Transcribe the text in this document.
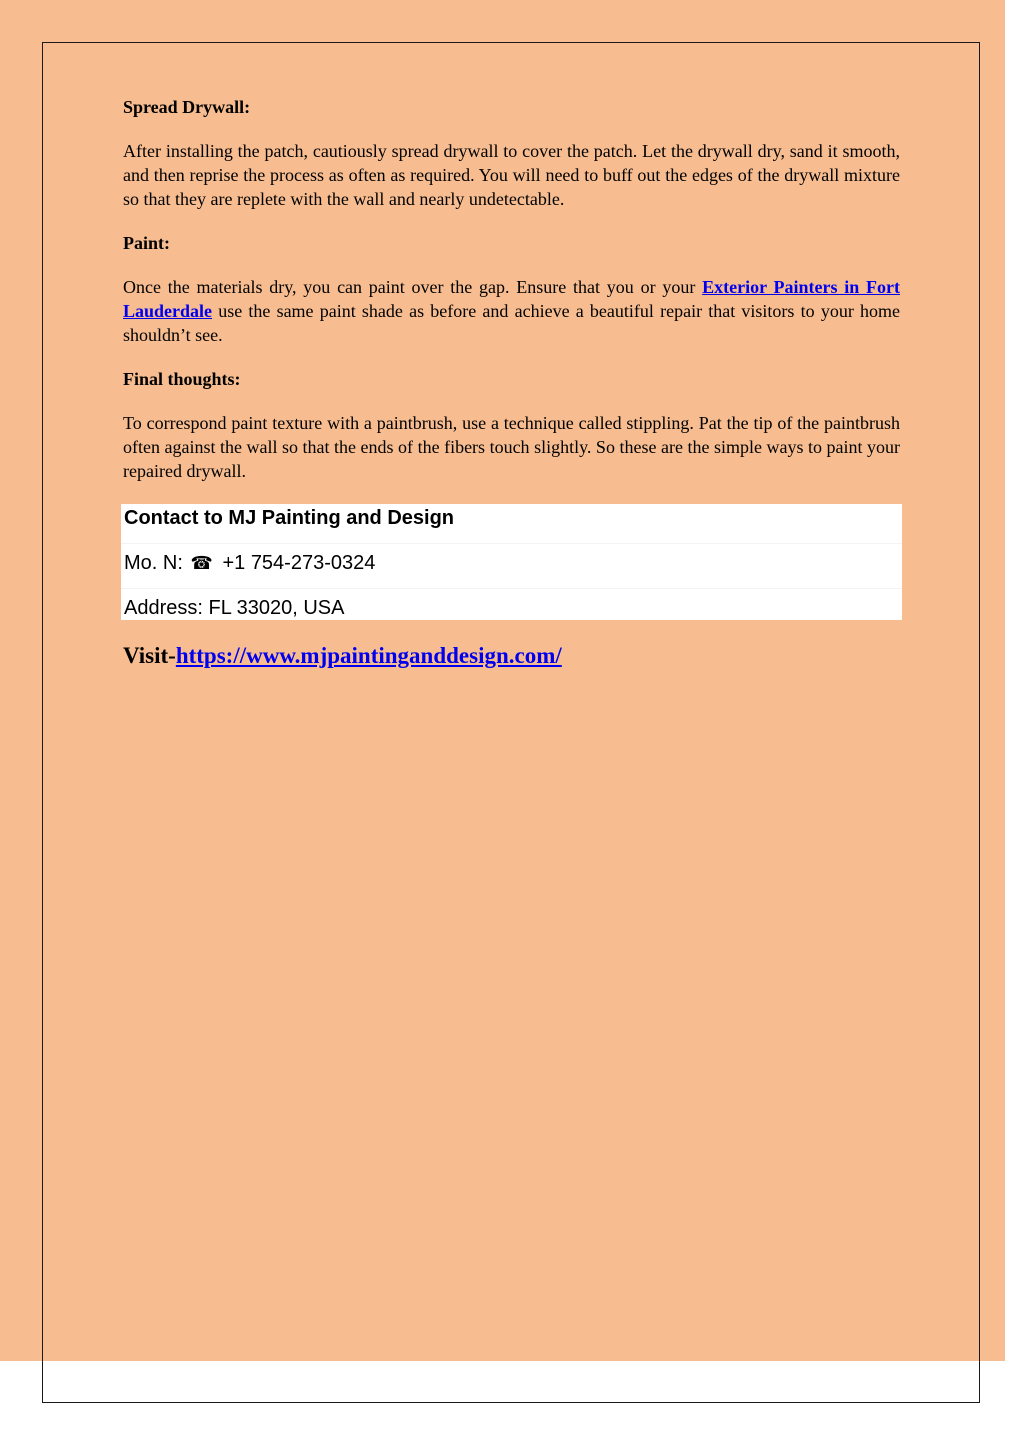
Spread Drywall:

After installing the patch, cautiously spread drywall to cover the patch. Let the drywall dry, sand it smooth, and then reprise the process as often as required. You will need to buff out the edges of the drywall mixture so that they are replete with the wall and nearly undetectable.

Paint:

Once the materials dry, you can paint over the gap. Ensure that you or your Exterior Painters in Fort Lauderdale use the same paint shade as before and achieve a beautiful repair that visitors to your home shouldn’t see.

Final thoughts:

To correspond paint texture with a paintbrush, use a technique called stippling. Pat the tip of the paintbrush often against the wall so that the ends of the fibers touch slightly. So these are the simple ways to paint your repaired drywall.

Contact to MJ Painting and Design
Mo. N: ☎ +1 754-273-0324
Address: FL 33020, USA
Visit-https://www.mjpaintinganddesign.com/
